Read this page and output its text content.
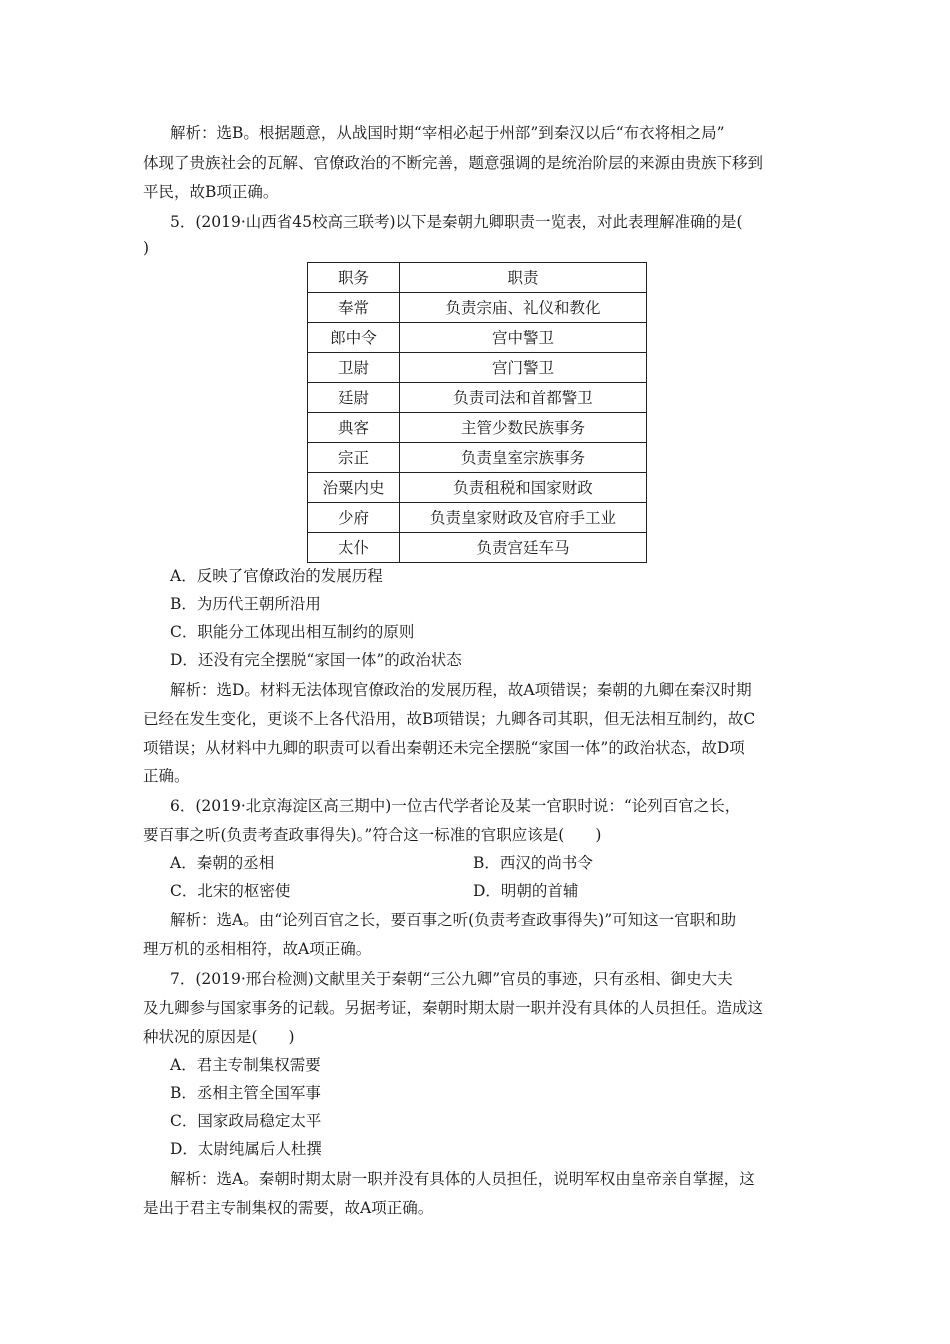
解析：选B。根据题意，从战国时期“宰相必起于州部”到秦汉以后“布衣将相之局”
体现了贵族社会的瓦解、官僚政治的不断完善，题意强调的是统治阶层的来源由贵族下移到
平民，故B项正确。
5．(2019·山西省45校高三联考)以下是秦朝九卿职责一览表，对此表理解准确的是(
)
职务	职责
奉常	负责宗庙、礼仪和教化
郎中令	宫中警卫
卫尉	宫门警卫
廷尉	负责司法和首都警卫
典客	主管少数民族事务
宗正	负责皇室宗族事务
治粟内史	负责租税和国家财政
少府	负责皇家财政及官府手工业
太仆	负责宫廷车马
A．反映了官僚政治的发展历程
B．为历代王朝所沿用
C．职能分工体现出相互制约的原则
D．还没有完全摆脱“家国一体”的政治状态
解析：选D。材料无法体现官僚政治的发展历程，故A项错误；秦朝的九卿在秦汉时期
已经在发生变化，更谈不上各代沿用，故B项错误；九卿各司其职，但无法相互制约，故C
项错误；从材料中九卿的职责可以看出秦朝还未完全摆脱“家国一体”的政治状态，故D项
正确。
6．(2019·北京海淀区高三期中)一位古代学者论及某一官职时说：“论列百官之长，
要百事之听(负责考查政事得失)。”符合这一标准的官职应该是(　　)
A．秦朝的丞相	B．西汉的尚书令
C．北宋的枢密使	D．明朝的首辅
解析：选A。由“论列百官之长，要百事之听(负责考查政事得失)”可知这一官职和助
理万机的丞相相符，故A项正确。
7．(2019·邢台检测)文献里关于秦朝“三公九卿”官员的事迹，只有丞相、御史大夫
及九卿参与国家事务的记载。另据考证，秦朝时期太尉一职并没有具体的人员担任。造成这
种状况的原因是(　　)
A．君主专制集权需要
B．丞相主管全国军事
C．国家政局稳定太平
D．太尉纯属后人杜撰
解析：选A。秦朝时期太尉一职并没有具体的人员担任，说明军权由皇帝亲自掌握，这
是出于君主专制集权的需要，故A项正确。
